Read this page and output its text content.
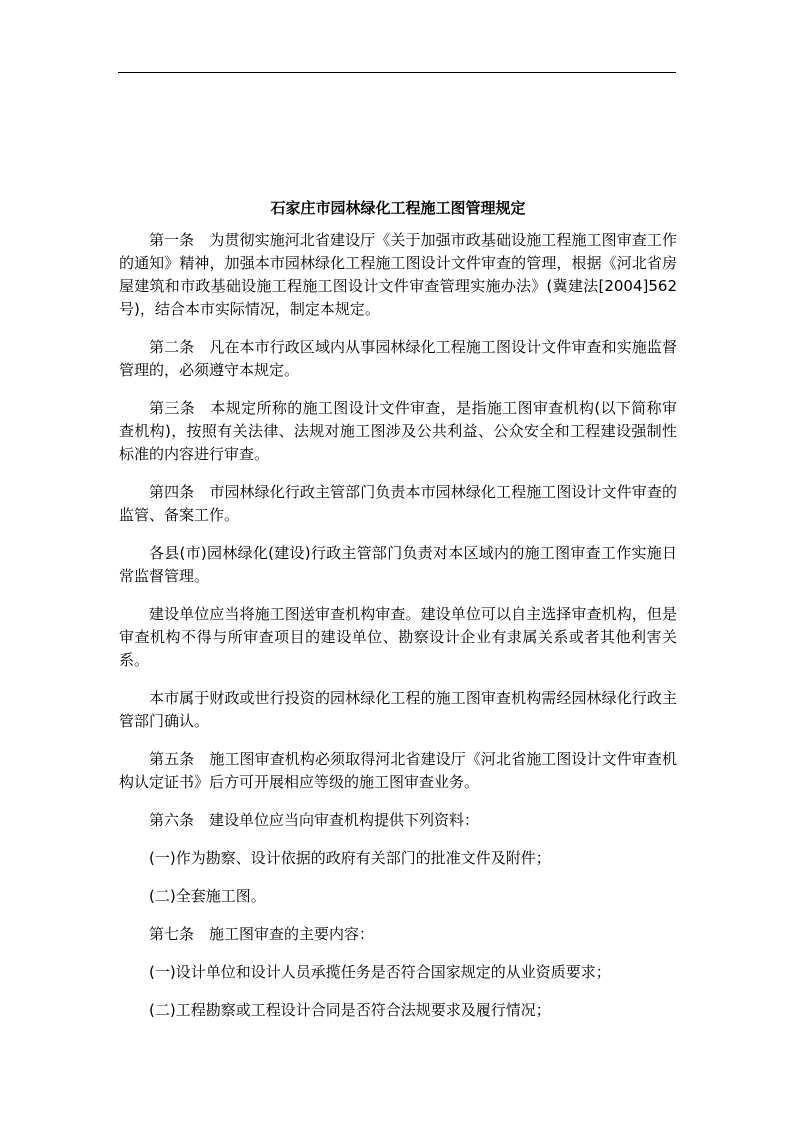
石家庄市园林绿化工程施工图管理规定

第一条　为贯彻实施河北省建设厅《关于加强市政基础设施工程施工图审查工作的通知》精神，加强本市园林绿化工程施工图设计文件审查的管理，根据《河北省房屋建筑和市政基础设施工程施工图设计文件审查管理实施办法》(冀建法[2004]562号)，结合本市实际情况，制定本规定。

第二条　凡在本市行政区域内从事园林绿化工程施工图设计文件审查和实施监督管理的，必须遵守本规定。

第三条　本规定所称的施工图设计文件审查，是指施工图审查机构(以下简称审查机构)，按照有关法律、法规对施工图涉及公共利益、公众安全和工程建设强制性标准的内容进行审查。

第四条　市园林绿化行政主管部门负责本市园林绿化工程施工图设计文件审查的监管、备案工作。

各县(市)园林绿化(建设)行政主管部门负责对本区域内的施工图审查工作实施日常监督管理。

建设单位应当将施工图送审查机构审查。建设单位可以自主选择审查机构，但是审查机构不得与所审查项目的建设单位、勘察设计企业有隶属关系或者其他利害关系。

本市属于财政或世行投资的园林绿化工程的施工图审查机构需经园林绿化行政主管部门确认。

第五条　施工图审查机构必须取得河北省建设厅《河北省施工图设计文件审查机构认定证书》后方可开展相应等级的施工图审查业务。

第六条　建设单位应当向审查机构提供下列资料：

(一)作为勘察、设计依据的政府有关部门的批准文件及附件；

(二)全套施工图。

第七条　施工图审查的主要内容：

(一)设计单位和设计人员承揽任务是否符合国家规定的从业资质要求；

(二)工程勘察或工程设计合同是否符合法规要求及履行情况；
